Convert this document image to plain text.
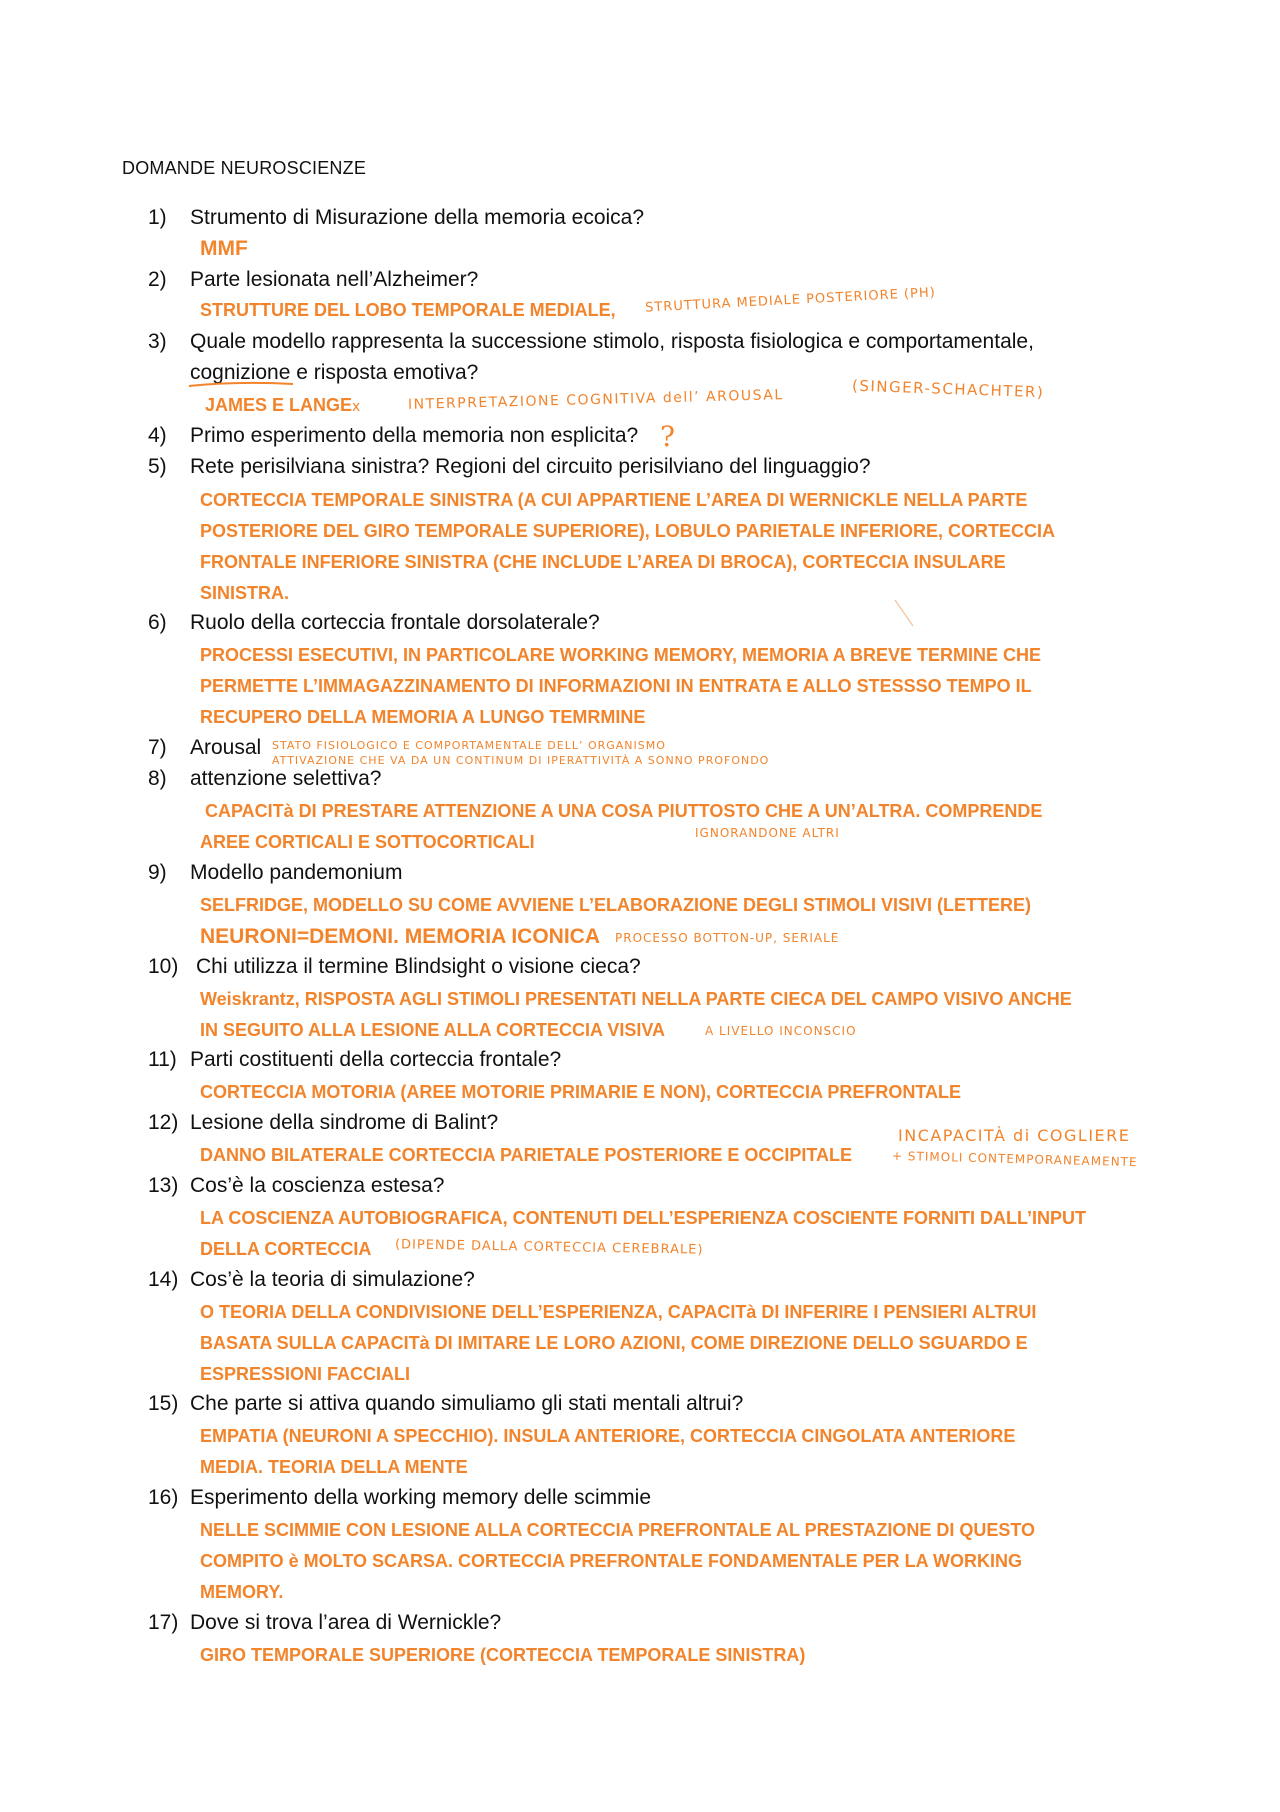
DOMANDE NEUROSCIENZE
1)	Strumento di Misurazione della memoria ecoica?
MMF
2)	Parte lesionata nell’Alzheimer?
STRUTTURE DEL LOBO TEMPORALE MEDIALE, STRUTTURA MEDIALE POSTERIORE (PH)
3)	Quale modello rappresenta la successione stimolo, risposta fisiologica e comportamentale,
cognizione e risposta emotiva?
JAMES E LANGEx	INTERPRETAZIONE COGNITIVA dell’ AROUSAL	(SINGER-SCHACHTER)
4)	Primo esperimento della memoria non esplicita? ?
5)	Rete perisilviana sinistra? Regioni del circuito perisilviano del linguaggio?
CORTECCIA TEMPORALE SINISTRA (A CUI APPARTIENE L’AREA DI WERNICKLE NELLA PARTE
POSTERIORE DEL GIRO TEMPORALE SUPERIORE), LOBULO PARIETALE INFERIORE, CORTECCIA
FRONTALE INFERIORE SINISTRA (CHE INCLUDE L’AREA DI BROCA), CORTECCIA INSULARE
SINISTRA.
6)	Ruolo della corteccia frontale dorsolaterale?
PROCESSI ESECUTIVI, IN PARTICOLARE WORKING MEMORY, MEMORIA A BREVE TERMINE CHE
PERMETTE L’IMMAGAZZINAMENTO DI INFORMAZIONI IN ENTRATA E ALLO STESSSO TEMPO IL
RECUPERO DELLA MEMORIA A LUNGO TEMRMINE
7)	Arousal STATO FISIOLOGICO E COMPORTAMENTALE DELL’ ORGANISMO
ATTIVAZIONE CHE VA DA UN CONTINUM DI IPERATTIVITÀ A SONNO PROFONDO
8)	attenzione selettiva?
CAPACITà DI PRESTARE ATTENZIONE A UNA COSA PIUTTOSTO CHE A UN’ALTRA. COMPRENDE
AREE CORTICALI E SOTTOCORTICALI	IGNORANDONE ALTRI
9)	Modello pandemonium
SELFRIDGE, MODELLO SU COME AVVIENE L’ELABORAZIONE DEGLI STIMOLI VISIVI (LETTERE)
NEURONI=DEMONI. MEMORIA ICONICA PROCESSO BOTTON-UP, SERIALE
10) Chi utilizza il termine Blindsight o visione cieca?
Weiskrantz, RISPOSTA AGLI STIMOLI PRESENTATI NELLA PARTE CIECA DEL CAMPO VISIVO ANCHE
IN SEGUITO ALLA LESIONE ALLA CORTECCIA VISIVA	A LIVELLO INCONSCIO
11) Parti costituenti della corteccia frontale?
CORTECCIA MOTORIA (AREE MOTORIE PRIMARIE E NON), CORTECCIA PREFRONTALE
12) Lesione della sindrome di Balint?
DANNO BILATERALE CORTECCIA PARIETALE POSTERIORE E OCCIPITALE
INCAPACITÀ di COGLIERE
+ STIMOLI CONTEMPORANEAMENTE
13) Cos’è la coscienza estesa?
LA COSCIENZA AUTOBIOGRAFICA, CONTENUTI DELL’ESPERIENZA COSCIENTE FORNITI DALL’INPUT
DELLA CORTECCIA (DIPENDE DALLA CORTECCIA CEREBRALE)
14) Cos’è la teoria di simulazione?
O TEORIA DELLA CONDIVISIONE DELL’ESPERIENZA, CAPACITà DI INFERIRE I PENSIERI ALTRUI
BASATA SULLA CAPACITà DI IMITARE LE LORO AZIONI, COME DIREZIONE DELLO SGUARDO E
ESPRESSIONI FACCIALI
15) Che parte si attiva quando simuliamo gli stati mentali altrui?
EMPATIA (NEURONI A SPECCHIO). INSULA ANTERIORE, CORTECCIA CINGOLATA ANTERIORE
MEDIA. TEORIA DELLA MENTE
16) Esperimento della working memory delle scimmie
NELLE SCIMMIE CON LESIONE ALLA CORTECCIA PREFRONTALE AL PRESTAZIONE DI QUESTO
COMPITO è MOLTO SCARSA. CORTECCIA PREFRONTALE FONDAMENTALE PER LA WORKING
MEMORY.
17) Dove si trova l’area di Wernickle?
GIRO TEMPORALE SUPERIORE (CORTECCIA TEMPORALE SINISTRA)
